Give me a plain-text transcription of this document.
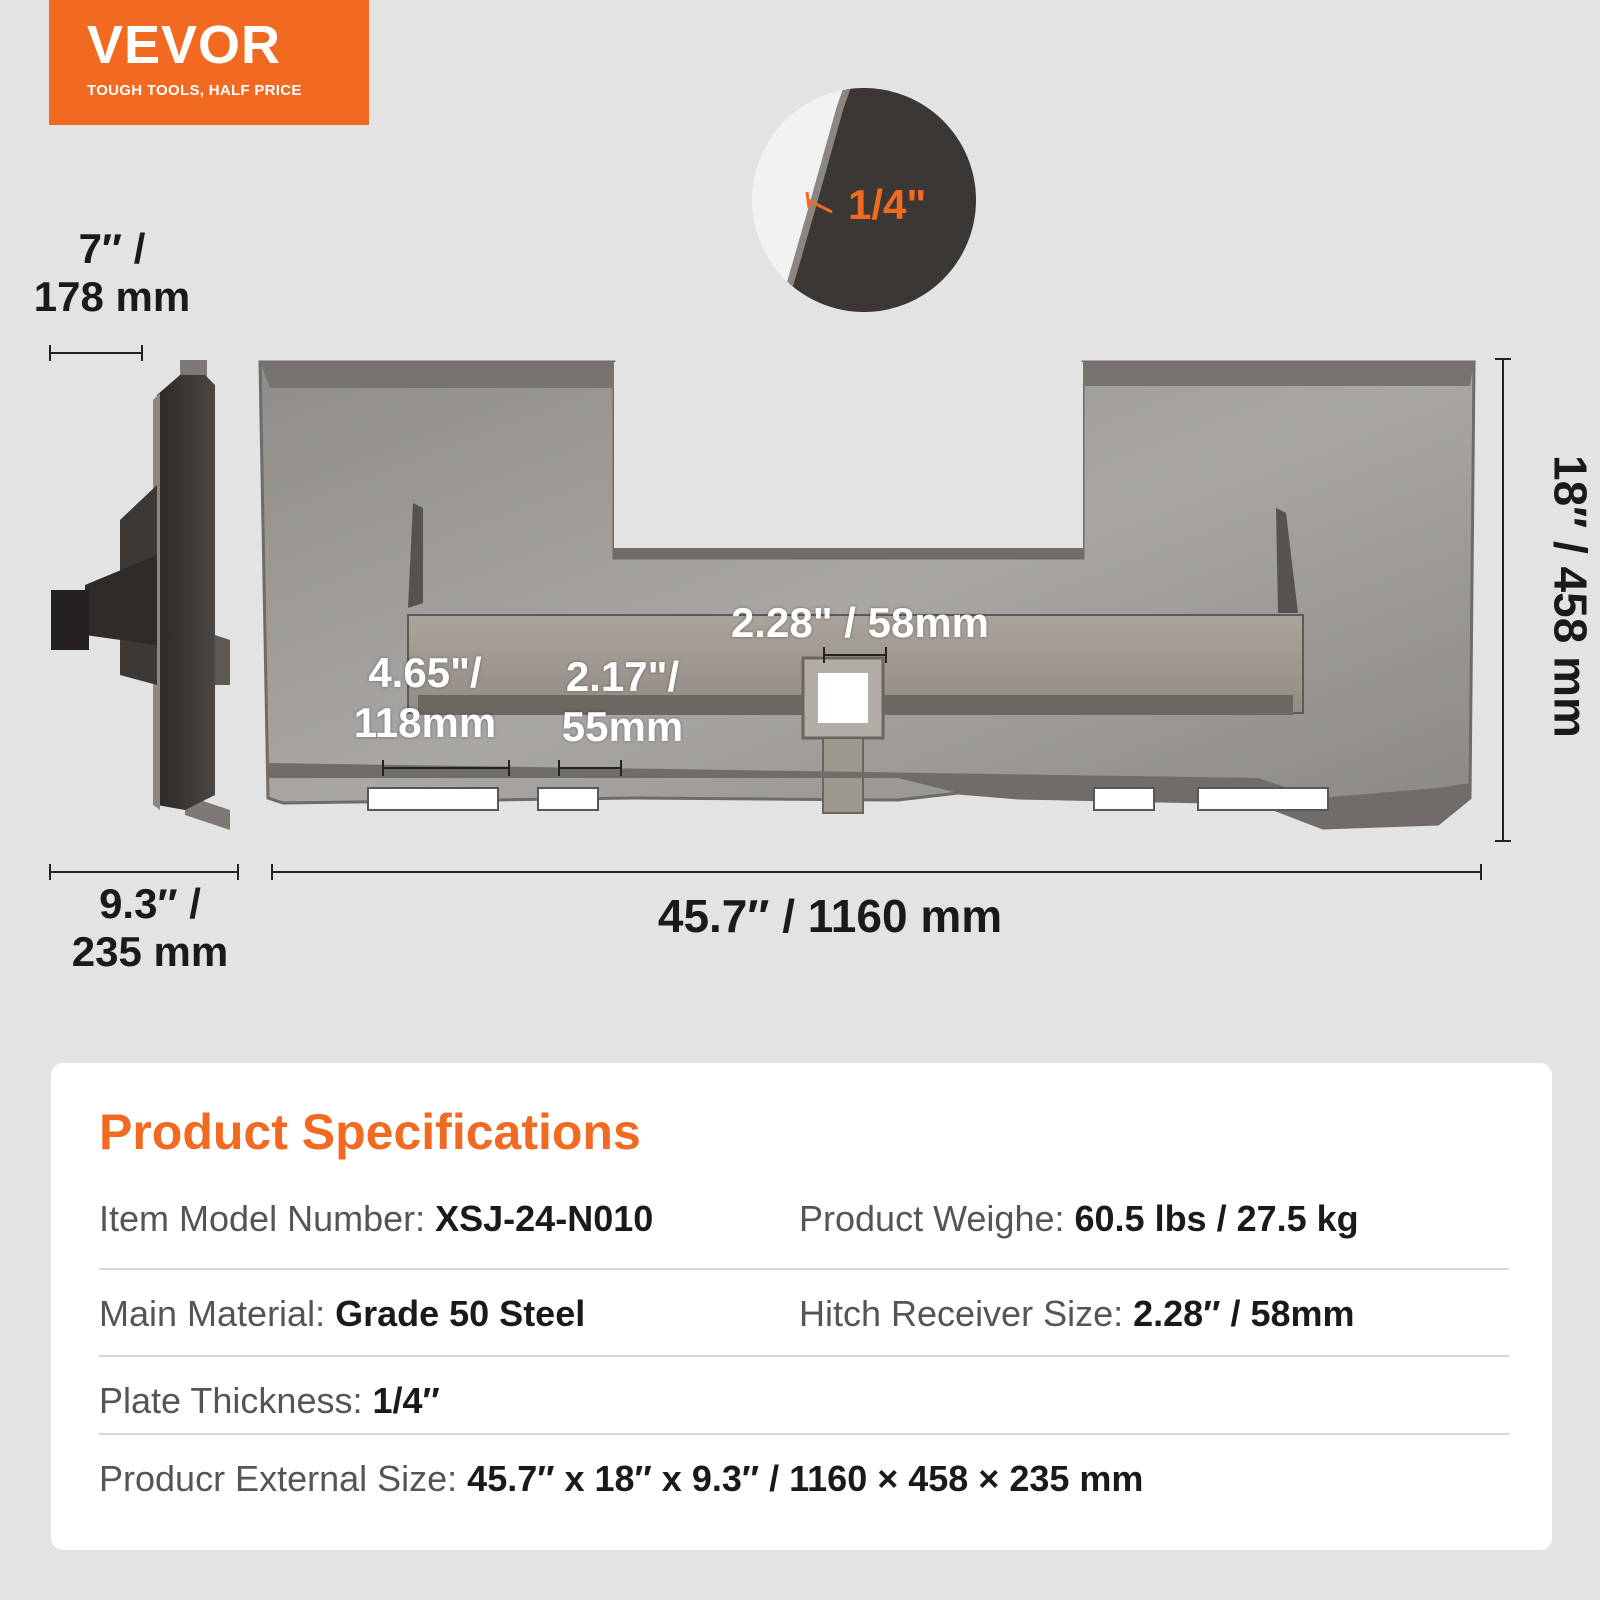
VEVOR
TOUGH TOOLS, HALF PRICE
1/4"
7″ /
178 mm
9.3″ /
235 mm
45.7″ / 1160 mm
18″ / 458 mm
2.28" / 58mm
4.65"/
118mm
2.17"/
55mm
Product Specifications
Item Model Number: XSJ-24-N010	Product Weighe: 60.5 lbs / 27.5 kg
Main Material: Grade 50 Steel	Hitch Receiver Size: 2.28″ / 58mm
Plate Thickness: 1/4″
Producr External Size: 45.7″ x 18″ x 9.3″ / 1160 × 458 × 235 mm
